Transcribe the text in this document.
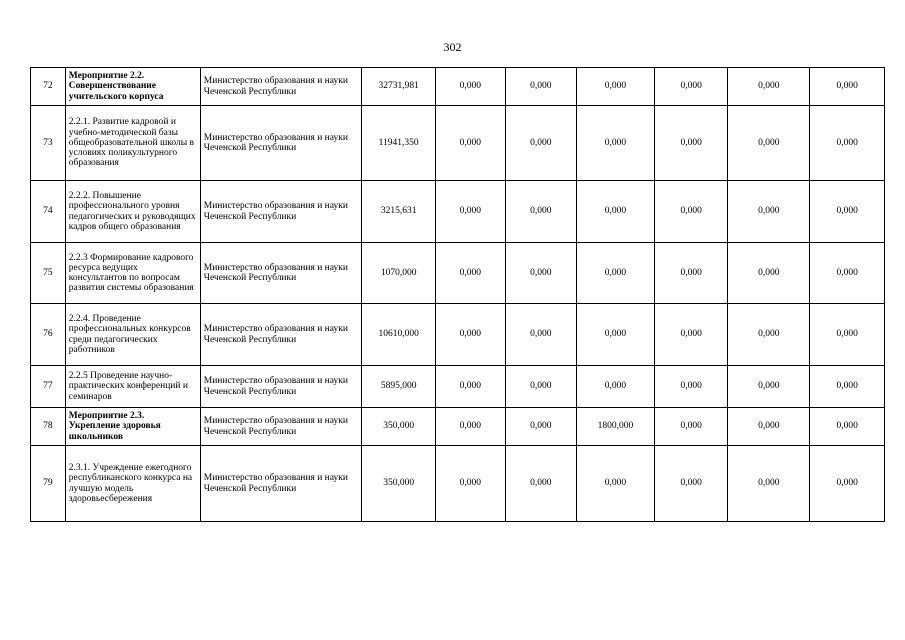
302
72	Мероприятие 2.2. Совершенствование учительского корпуса	Министерство образования и науки Чеченской Республики	32731,981	0,000	0,000	0,000	0,000	0,000	0,000
73	2.2.1. Развитие кадровой и учебно-методической базы общеобразовательной школы в условиях поликультурного образования	Министерство образования и науки Чеченской Республики	11941,350	0,000	0,000	0,000	0,000	0,000	0,000
74	2.2.2. Повышение профессионального уровня педагогических и руководящих кадров общего образования	Министерство образования и науки Чеченской Республики	3215,631	0,000	0,000	0,000	0,000	0,000	0,000
75	2.2.3 Формирование кадрового ресурса ведущих консультантов по вопросам развития системы образования	Министерство образования и науки Чеченской Республики	1070,000	0,000	0,000	0,000	0,000	0,000	0,000
76	2.2.4. Проведение профессиональных конкурсов среди педагогических работников	Министерство образования и науки Чеченской Республики	10610,000	0,000	0,000	0,000	0,000	0,000	0,000
77	2.2.5 Проведение научно-практических конференций и семинаров	Министерство образования и науки Чеченской Республики	5895,000	0,000	0,000	0,000	0,000	0,000	0,000
78	Мероприятие 2.3. Укрепление здоровья школьников	Министерство образования и науки Чеченской Республики	350,000	0,000	0,000	1800,000	0,000	0,000	0,000
79	2.3.1. Учреждение ежегодного республиканского конкурса на лучшую модель здоровьесбережения	Министерство образования и науки Чеченской Республики	350,000	0,000	0,000	0,000	0,000	0,000	0,000
